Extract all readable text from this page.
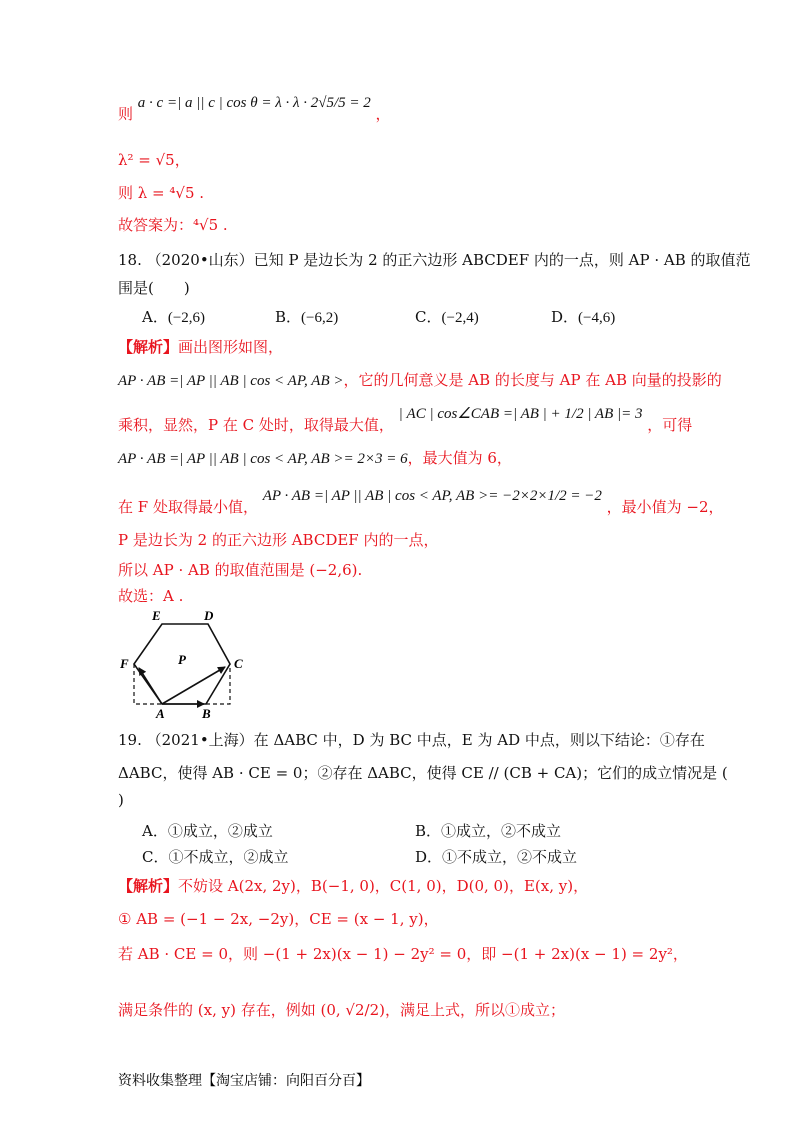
则 a · c =| a || c | cos θ = λ · λ · 2√5/5 = 2 ，
λ² = √5，
则 λ = ⁴√5 .
故答案为：⁴√5 .
18. （2020•山东）已知 P 是边长为 2 的正六边形 ABCDEF 内的一点，则 AP · AB 的取值范
围是(　　)
A．(−2,6)	B．(−6,2)	C．(−2,4)	D．(−4,6)
【解析】画出图形如图，
AP · AB =| AP || AB | cos < AP, AB >，它的几何意义是 AB 的长度与 AP 在 AB 向量的投影的
乘积，显然，P 在 C 处时，取得最大值， | AC | cos∠CAB =| AB | + 1/2 | AB |= 3 ，可得
AP · AB =| AP || AB | cos < AP, AB >= 2×3 = 6，最大值为 6，
在 F 处取得最小值， AP · AB =| AP || AB | cos < AP, AB >= −2×2×1/2 = −2 ，最小值为 −2，
P 是边长为 2 的正六边形 ABCDEF 内的一点，
所以 AP · AB 的取值范围是 (−2,6).
故选：A .
E	D
F	C
P
A	B
19. （2021•上海）在 ΔABC 中，D 为 BC 中点，E 为 AD 中点，则以下结论：①存在
ΔABC，使得 AB · CE = 0；②存在 ΔABC，使得 CE // (CB + CA)；它们的成立情况是 (
)
A．①成立，②成立	B．①成立，②不成立
C．①不成立，②成立	D．①不成立，②不成立
【解析】不妨设 A(2x, 2y)，B(−1, 0)，C(1, 0)，D(0, 0)，E(x, y)，
① AB = (−1 − 2x, −2y)，CE = (x − 1, y)，
若 AB · CE = 0，则 −(1 + 2x)(x − 1) − 2y² = 0，即 −(1 + 2x)(x − 1) = 2y²，
满足条件的 (x, y) 存在，例如 (0, √2/2)，满足上式，所以①成立；
资料收集整理【淘宝店铺：向阳百分百】
